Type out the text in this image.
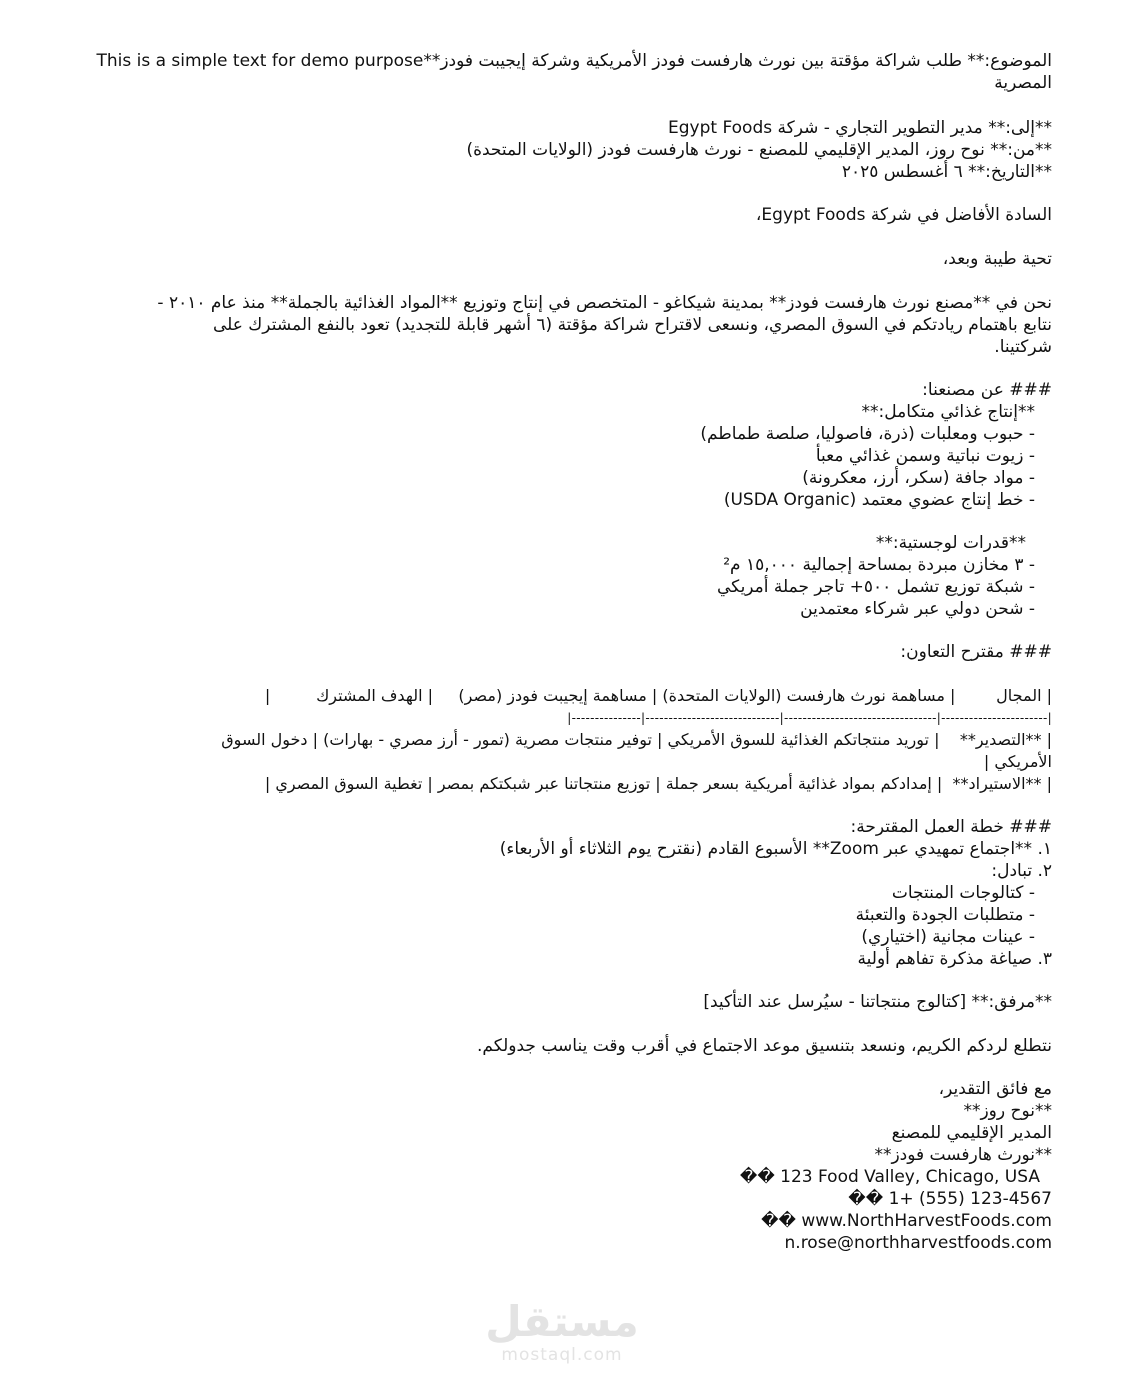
الموضوع:** طلب شراكة مؤقتة بين نورث هارفست فودز الأمريكية وشركة إيجيبت فودز**This is a simple text for demo purpose

المصرية

**إلى:** مدير التطوير التجاري - شركة Egypt Foods

**من:** نوح روز، المدير الإقليمي للمصنع - نورث هارفست فودز (الولايات المتحدة)

**التاريخ:** ٦ أغسطس ٢٠٢٥

السادة الأفاضل في شركة Egypt Foods،

تحية طيبة وبعد،

نحن في **مصنع نورث هارفست فودز** بمدينة شيكاغو - المتخصص في إنتاج وتوزيع **المواد الغذائية بالجملة** منذ عام ٢٠١٠ -

نتابع باهتمام ريادتكم في السوق المصري، ونسعى لاقتراح شراكة مؤقتة (٦ أشهر قابلة للتجديد) تعود بالنفع المشترك على

شركتينا.

### عن مصنعنا:

**إنتاج غذائي متكامل:**

- حبوب ومعلبات (ذرة، فاصوليا، صلصة طماطم)

- زيوت نباتية وسمن غذائي معبأ

- مواد جافة (سكر، أرز، معكرونة)

- خط إنتاج عضوي معتمد (USDA Organic)

**قدرات لوجستية:**

- ٣ مخازن مبردة بمساحة إجمالية ١٥,٠٠٠ م²

- شبكة توزيع تشمل ٥٠٠+ تاجر جملة أمريكي

- شحن دولي عبر شركاء معتمدين

### مقترح التعاون:

| المجال        | مساهمة نورث هارفست (الولايات المتحدة) | مساهمة إيجيبت فودز (مصر)     | الهدف المشترك         |

|---------------|-----------------------------|---------------------------------|-----------------------|

| **التصدير**    | توريد منتجاتكم الغذائية للسوق الأمريكي | توفير منتجات مصرية (تمور - أرز مصري - بهارات) | دخول السوق

الأمريكي |

| **الاستيراد**  | إمدادكم بمواد غذائية أمريكية بسعر جملة | توزيع منتجاتنا عبر شبكتكم بمصر | تغطية السوق المصري |

### خطة العمل المقترحة:

١. **اجتماع تمهيدي عبر Zoom** الأسبوع القادم (نقترح يوم الثلاثاء أو الأربعاء)

٢. تبادل:

- كتالوجات المنتجات

- متطلبات الجودة والتعبئة

- عينات مجانية (اختياري)

٣. صياغة مذكرة تفاهم أولية

**مرفق:** [كتالوج منتجاتنا - سيُرسل عند التأكيد]

نتطلع لردكم الكريم، ونسعد بتنسيق موعد الاجتماع في أقرب وقت يناسب جدولكم.

مع فائق التقدير،

**نوح روز**

المدير الإقليمي للمصنع

**نورث هارفست فودز**

�� 123 Food Valley, Chicago, USA

�� 1+ (555) 123-4567

�� www.NorthHarvestFoods.com

n.rose@northharvestfoods.com

مستقل
mostaql.com
